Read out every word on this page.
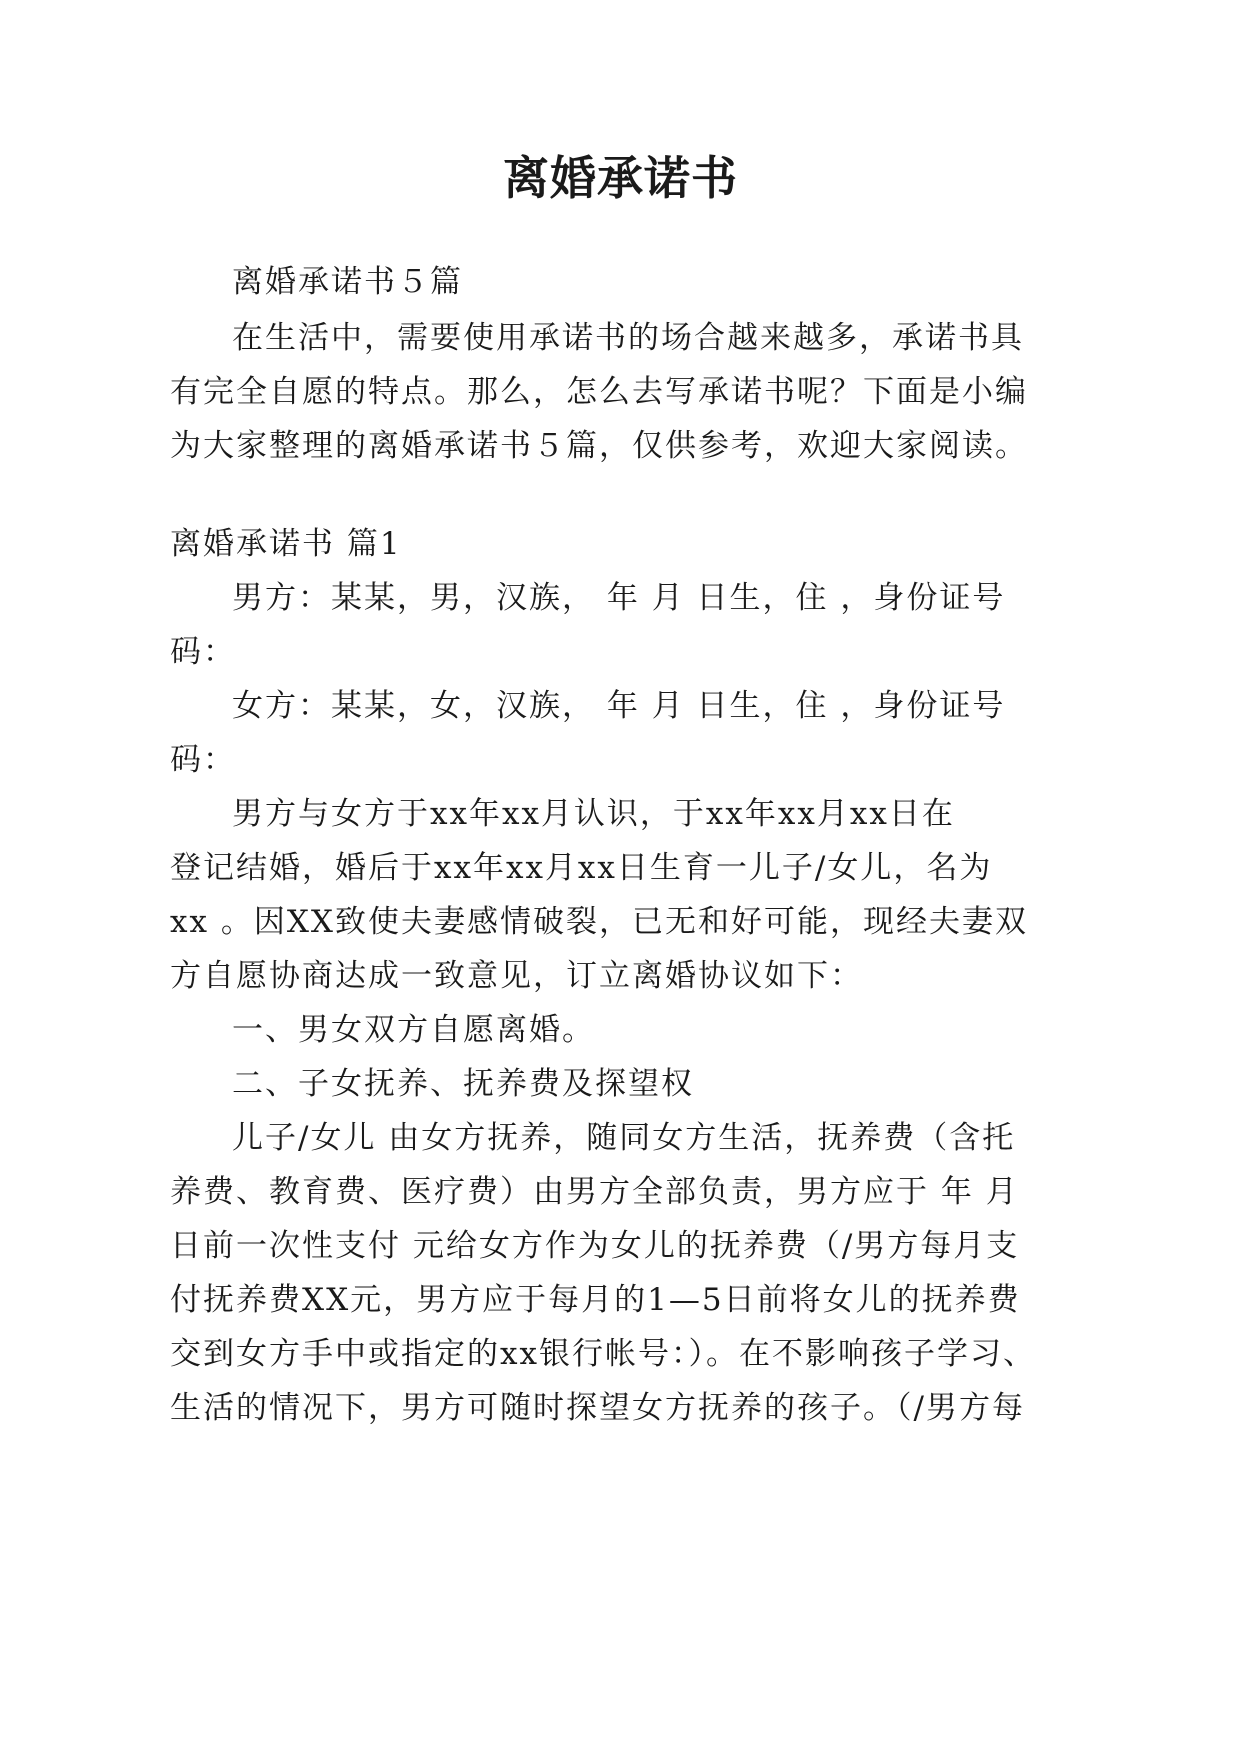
离婚承诺书
离婚承诺书５篇
在生活中，需要使用承诺书的场合越来越多，承诺书具
有完全自愿的特点。那么，怎么去写承诺书呢？下面是小编
为大家整理的离婚承诺书５篇，仅供参考，欢迎大家阅读。
离婚承诺书 篇1
男方：某某，男，汉族， 年 月 日生，住 ，身份证号
码：
女方：某某，女，汉族， 年 月 日生，住 ，身份证号
码：
男方与女方于xx年xx月认识，于xx年xx月xx日在
登记结婚，婚后于xx年xx月xx日生育一儿子/女儿，名为
xx 。因XX致使夫妻感情破裂，已无和好可能，现经夫妻双
方自愿协商达成一致意见，订立离婚协议如下：
一、男女双方自愿离婚。
二、子女抚养、抚养费及探望权
儿子/女儿 由女方抚养，随同女方生活，抚养费（含托
养费、教育费、医疗费）由男方全部负责，男方应于 年 月
日前一次性支付 元给女方作为女儿的抚养费（/男方每月支
付抚养费XX元，男方应于每月的1—5日前将女儿的抚养费
交到女方手中或指定的xx银行帐号：）。在不影响孩子学习、
生活的情况下，男方可随时探望女方抚养的孩子。（/男方每
